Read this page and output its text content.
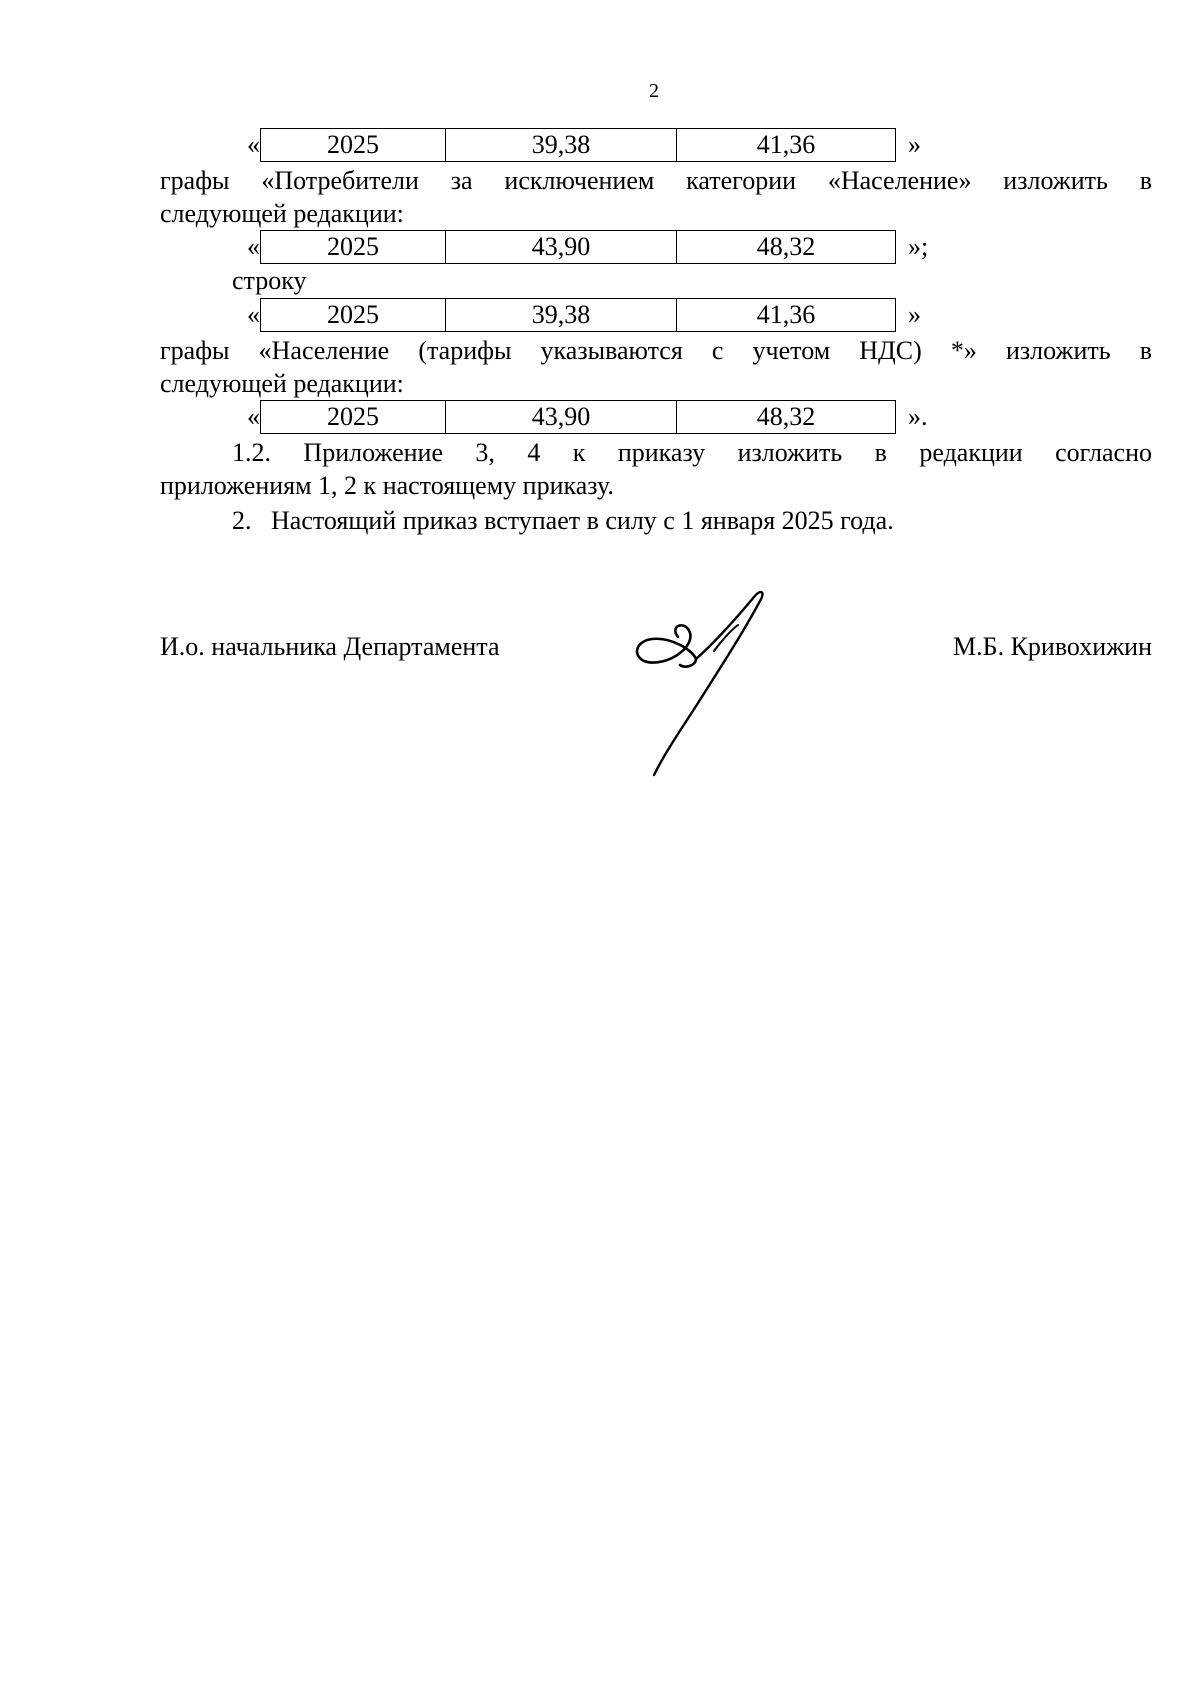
2
«	2025	39,38	41,36	»
графы «Потребители за исключением категории «Население» изложить в
следующей редакции:
«	2025	43,90	48,32	»;
строку
«	2025	39,38	41,36	»
графы «Население (тарифы указываются с учетом НДС) *» изложить в
следующей редакции:
«	2025	43,90	48,32	».
1.2. Приложение 3, 4 к приказу изложить в редакции согласно
приложениям 1, 2 к настоящему приказу.
2.   Настоящий приказ вступает в силу с 1 января 2025 года.
И.о. начальника Департамента	М.Б. Кривохижин
